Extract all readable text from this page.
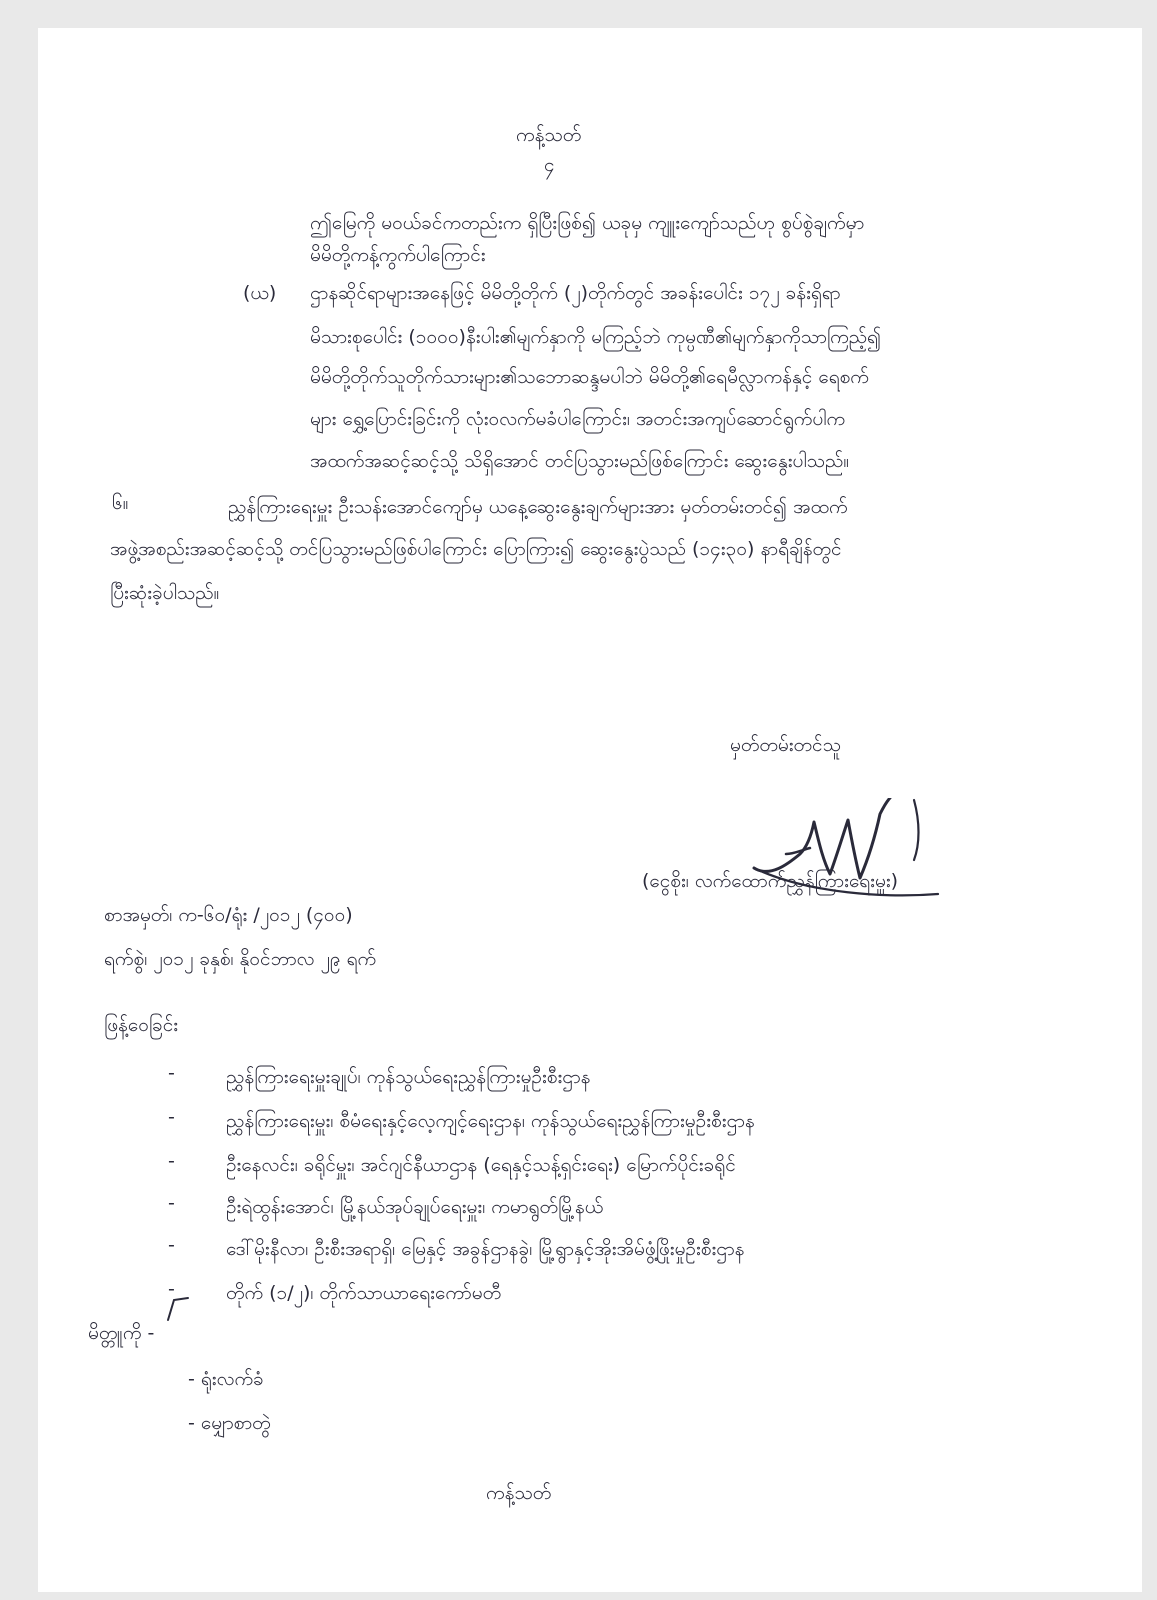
ကန့်သတ်
၄
ဤမြေကို မဝယ်ခင်ကတည်းက ရှိပြီးဖြစ်၍ ယခုမှ ကျူးကျော်သည်ဟု စွပ်စွဲချက်မှာ
မိမိတို့ကန့်ကွက်ပါကြောင်း
(ယ) ဌာနဆိုင်ရာများအနေဖြင့် မိမိတို့တိုက် (၂)တိုက်တွင် အခန်းပေါင်း ၁၇၂ ခန်းရှိရာ
မိသားစုပေါင်း (၁၀၀၀)နီးပါး၏မျက်နှာကို မကြည့်ဘဲ ကုမ္ပဏီ၏မျက်နှာကိုသာကြည့်၍
မိမိတို့တိုက်သူတိုက်သားများ၏သဘောဆန္ဒမပါဘဲ မိမိတို့၏ရေမီလ္လာကန်နှင့် ရေစက်
များ ရွှေ့ပြောင်းခြင်းကို လုံးဝလက်မခံပါကြောင်း၊ အတင်းအကျပ်ဆောင်ရွက်ပါက
အထက်အဆင့်ဆင့်သို့ သိရှိအောင် တင်ပြသွားမည်ဖြစ်ကြောင်း ဆွေးနွေးပါသည်။
၆။	ညွှန်ကြားရေးမှူး ဦးသန်းအောင်ကျော်မှ ယနေ့ဆွေးနွေးချက်များအား မှတ်တမ်းတင်၍ အထက်
အဖွဲ့အစည်းအဆင့်ဆင့်သို့ တင်ပြသွားမည်ဖြစ်ပါကြောင်း ပြောကြား၍ ဆွေးနွေးပွဲသည် (၁၄း၃၀) နာရီချိန်တွင်
ပြီးဆုံးခဲ့ပါသည်။
မှတ်တမ်းတင်သူ
(ငွေစိုး၊ လက်ထောက်ညွှန်ကြားရေးမှူး)
စာအမှတ်၊ က-၆၀/ရုံး /၂၀၁၂ (၄၀၀)
ရက်စွဲ၊ ၂၀၁၂ ခုနှစ်၊ နိုဝင်ဘာလ ၂၉ ရက်
ဖြန့်ဝေခြင်း
-	ညွှန်ကြားရေးမှူးချုပ်၊ ကုန်သွယ်ရေးညွှန်ကြားမှုဦးစီးဌာန
-	ညွှန်ကြားရေးမှူး၊ စီမံရေးနှင့်လေ့ကျင့်ရေးဌာန၊ ကုန်သွယ်ရေးညွှန်ကြားမှုဦးစီးဌာန
-	ဦးနေလင်း၊ ခရိုင်မှူး၊ အင်ဂျင်နီယာဌာန (ရေနှင့်သန့်ရှင်းရေး) မြောက်ပိုင်းခရိုင်
-	ဦးရဲထွန်းအောင်၊ မြို့နယ်အုပ်ချုပ်ရေးမှူး၊ ကမာရွတ်မြို့နယ်
-	ဒေါ်မိုးနီလာ၊ ဦးစီးအရာရှိ၊ မြေနှင့် အခွန်ဌာနခွဲ၊ မြို့ရွာနှင့်အိုးအိမ်ဖွံ့ဖြိုးမှုဦးစီးဌာန
-	တိုက် (၁/၂)၊ တိုက်သာယာရေးကော်မတီ
မိတ္တူကို -
- ရုံးလက်ခံ
- မျှောစာတွဲ
ကန့်သတ်
